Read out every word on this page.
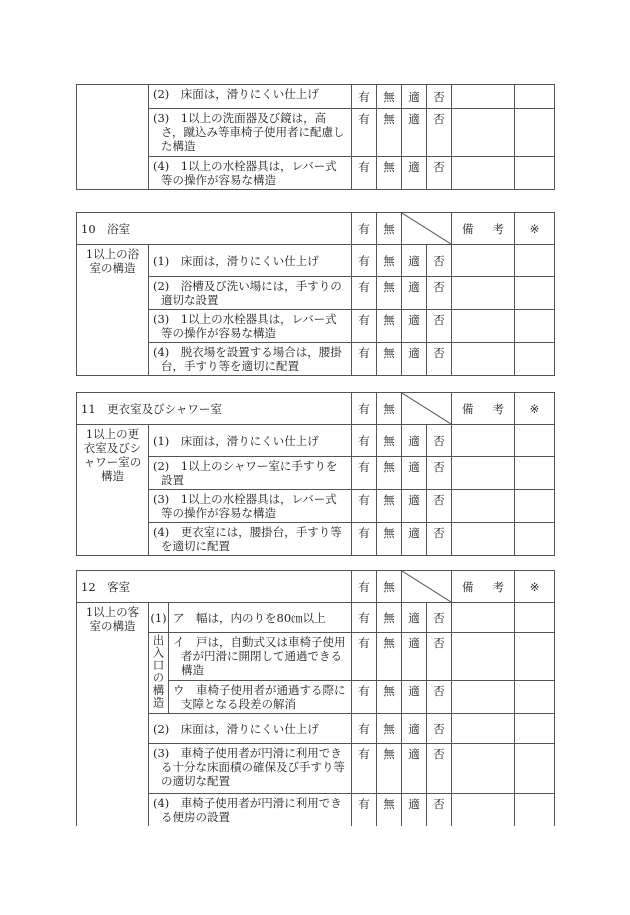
	(2)　床面は，滑りにくい仕上げ	有	無	適	否		

	(3)　1以上の洗面器及び鏡は，高さ，蹴込み等車椅子使用者に配慮した構造	有	無	適	否		

	(4)　1以上の水栓器具は，レバー式等の操作が容易な構造	有	無	適	否		
10　浴室		有	無			備 考	※
1以上の浴室の構造	(1)　床面は，滑りにくい仕上げ	有	無	適	否		

	(2)　浴槽及び洗い場には，手すりの適切な設置	有	無	適	否		

	(3)　1以上の水栓器具は，レバー式等の操作が容易な構造	有	無	適	否		

	(4)　脱衣場を設置する場合は，腰掛台，手すり等を適切に配置	有	無	適	否		
11　更衣室及びシャワー室		有	無			備 考	※
1以上の更衣室及びシャワー室の構造	(1)　床面は，滑りにくい仕上げ	有	無	適	否		

	(2)　1以上のシャワー室に手すりを設置	有	無	適	否		

	(3)　1以上の水栓器具は，レバー式等の操作が容易な構造	有	無	適	否		

	(4)　更衣室には，腰掛台，手すり等を適切に配置	有	無	適	否		
12　客室			有	無			備 考	※
1以上の客室の構造	(1)	ア　幅は，内のりを80㎝以上	有	無	適	否		
	出入口の構造	イ　戸は，自動式又は車椅子使用者が円滑に開閉して通過できる構造	有	無	適	否		

		ウ　車椅子使用者が通過する際に支障となる段差の解消	有	無	適	否		

	(2)　床面は，滑りにくい仕上げ		有	無	適	否		

	(3)　車椅子使用者が円滑に利用できる十分な床面積の確保及び手すり等の適切な配置		有	無	適	否		

	(4)　車椅子使用者が円滑に利用できる便房の設置		有	無	適	否		
